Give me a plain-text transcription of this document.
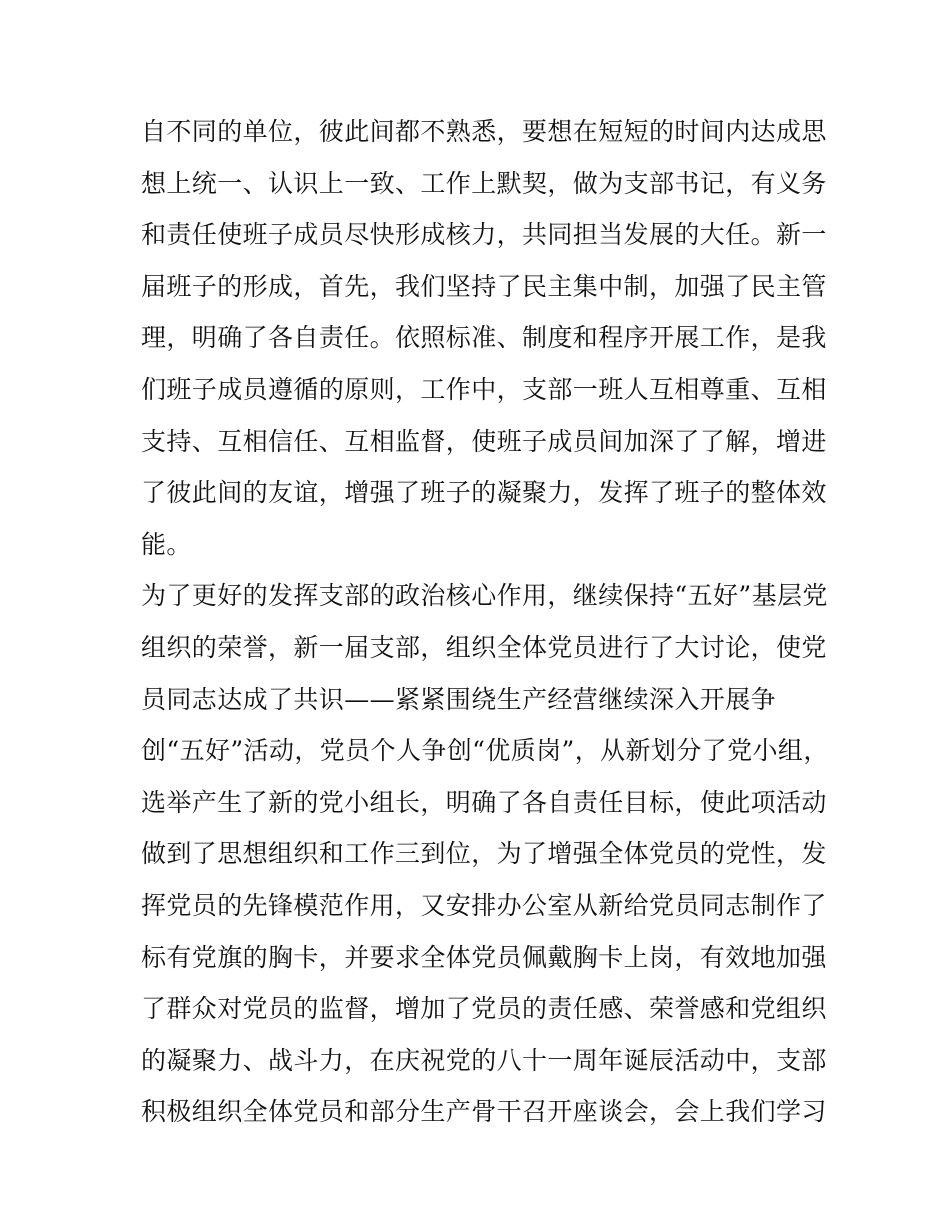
自不同的单位，彼此间都不熟悉，要想在短短的时间内达成思
想上统一、认识上一致、工作上默契，做为支部书记，有义务
和责任使班子成员尽快形成核力，共同担当发展的大任。新一
届班子的形成，首先，我们坚持了民主集中制，加强了民主管
理，明确了各自责任。依照标准、制度和程序开展工作，是我
们班子成员遵循的原则，工作中，支部一班人互相尊重、互相
支持、互相信任、互相监督，使班子成员间加深了了解，增进
了彼此间的友谊，增强了班子的凝聚力，发挥了班子的整体效
能。
为了更好的发挥支部的政治核心作用，继续保持“五好”基层党
组织的荣誉，新一届支部，组织全体党员进行了大讨论，使党
员同志达成了共识——紧紧围绕生产经营继续深入开展争
创“五好”活动，党员个人争创“优质岗”，从新划分了党小组，
选举产生了新的党小组长，明确了各自责任目标，使此项活动
做到了思想组织和工作三到位，为了增强全体党员的党性，发
挥党员的先锋模范作用，又安排办公室从新给党员同志制作了
标有党旗的胸卡，并要求全体党员佩戴胸卡上岗，有效地加强
了群众对党员的监督，增加了党员的责任感、荣誉感和党组织
的凝聚力、战斗力，在庆祝党的八十一周年诞辰活动中，支部
积极组织全体党员和部分生产骨干召开座谈会，会上我们学习
